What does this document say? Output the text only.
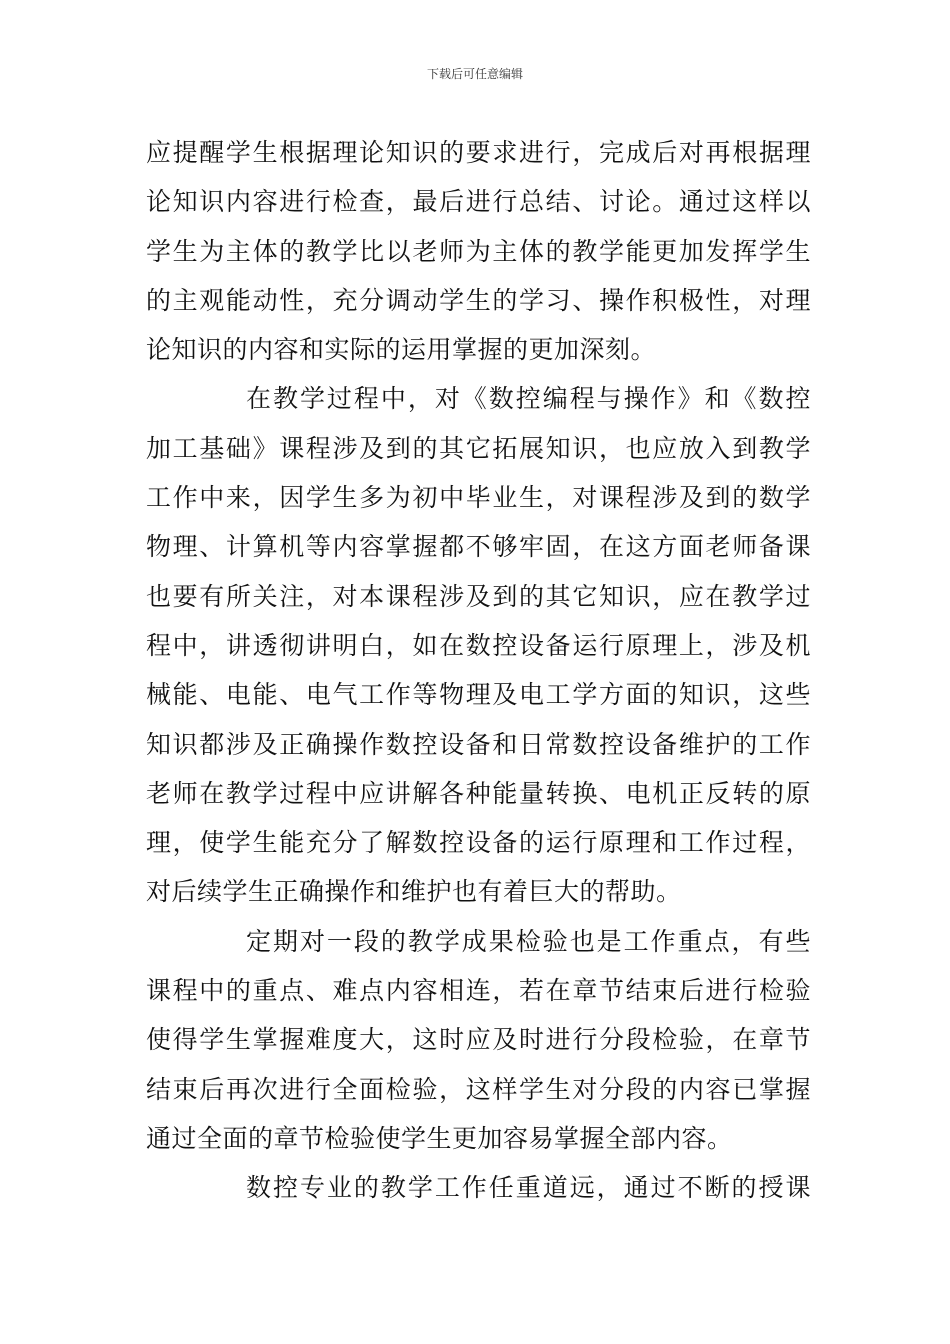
下载后可任意编辑
应提醒学生根据理论知识的要求进行，完成后对再根据理
论知识内容进行检查，最后进行总结、讨论。通过这样以
学生为主体的教学比以老师为主体的教学能更加发挥学生
的主观能动性，充分调动学生的学习、操作积极性，对理
论知识的内容和实际的运用掌握的更加深刻。
在教学过程中，对《数控编程与操作》和《数控
加工基础》课程涉及到的其它拓展知识，也应放入到教学
工作中来，因学生多为初中毕业生，对课程涉及到的数学
物理、计算机等内容掌握都不够牢固，在这方面老师备课
也要有所关注，对本课程涉及到的其它知识，应在教学过
程中，讲透彻讲明白，如在数控设备运行原理上，涉及机
械能、电能、电气工作等物理及电工学方面的知识，这些
知识都涉及正确操作数控设备和日常数控设备维护的工作
老师在教学过程中应讲解各种能量转换、电机正反转的原
理，使学生能充分了解数控设备的运行原理和工作过程，
对后续学生正确操作和维护也有着巨大的帮助。
定期对一段的教学成果检验也是工作重点，有些
课程中的重点、难点内容相连，若在章节结束后进行检验
使得学生掌握难度大，这时应及时进行分段检验，在章节
结束后再次进行全面检验，这样学生对分段的内容已掌握
通过全面的章节检验使学生更加容易掌握全部内容。
数控专业的教学工作任重道远，通过不断的授课
